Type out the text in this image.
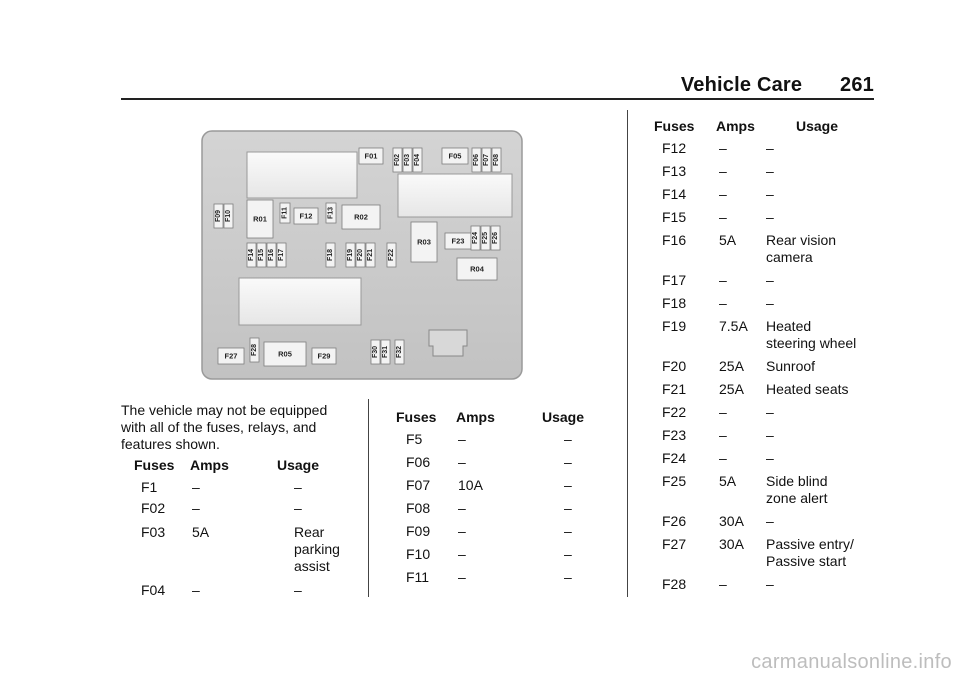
Vehicle Care 261
F01 F02 F03 F04	F05 F06 F07 F08
F09 F10	R01
F11 F12 F13	R02
R03	F23 F24 F25 F26
R04
F14 F15 F16 F17	F18 F19 F20 F21 F22
F27 F28	R05	F29	F30 F31 F32
The vehicle may not be equipped with all of the fuses, relays, and features shown.
Fuses	Amps	Usage
F1	–	–
F02	–	–
F03	5A	Rear parking
assist
F04	–	–
Fuses	Amps	Usage
F5	–	–
F06	–	–
F07	10A	–
F08	–	–
F09	–	–
F10	–	–
F11	–	–
Fuses	Amps	Usage
F12	–	–
F13	–	–
F14	–	–
F15	–	–
F16	5A	Rear vision
camera
F17	–	–
F18	–	–
F19	7.5A	Heated
steering wheel
F20	25A	Sunroof
F21	25A	Heated seats
F22	–	–
F23	–	–
F24	–	–
F25	5A	Side blind
zone alert
F26	30A	–
F27	30A	Passive entry/
Passive start
F28	–	–
carmanualsonline.info
